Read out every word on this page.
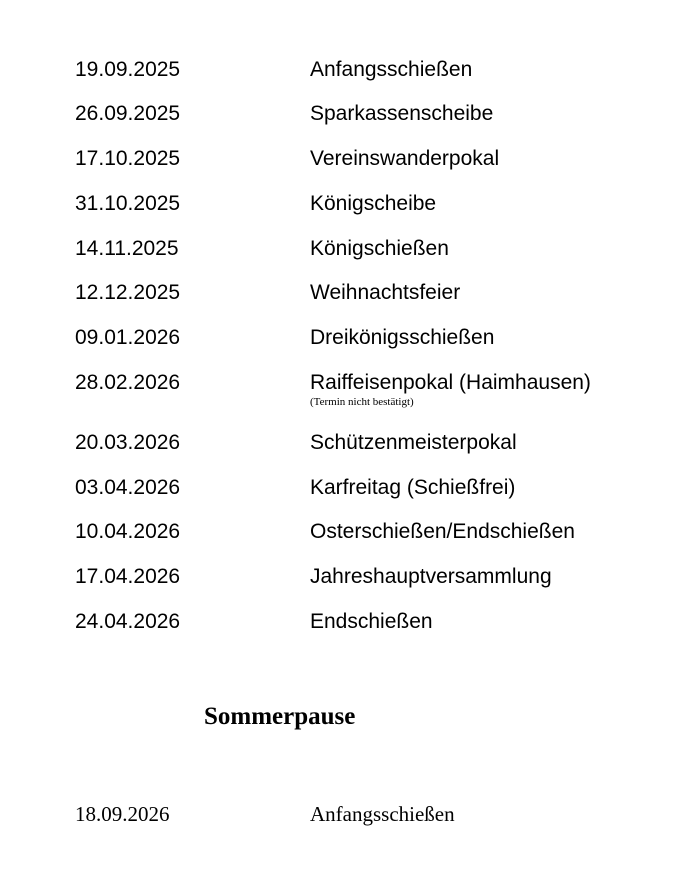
19.09.2025	Anfangsschießen
26.09.2025	Sparkassenscheibe
17.10.2025	Vereinswanderpokal
31.10.2025	Königscheibe
14.11.2025	Königschießen
12.12.2025	Weihnachtsfeier
09.01.2026	Dreikönigsschießen
28.02.2026	Raiffeisenpokal (Haimhausen)
(Termin nicht bestätigt)
20.03.2026	Schützenmeisterpokal
03.04.2026	Karfreitag (Schießfrei)
10.04.2026	Osterschießen/Endschießen
17.04.2026	Jahreshauptversammlung
24.04.2026	Endschießen
Sommerpause
18.09.2026	Anfangsschießen
